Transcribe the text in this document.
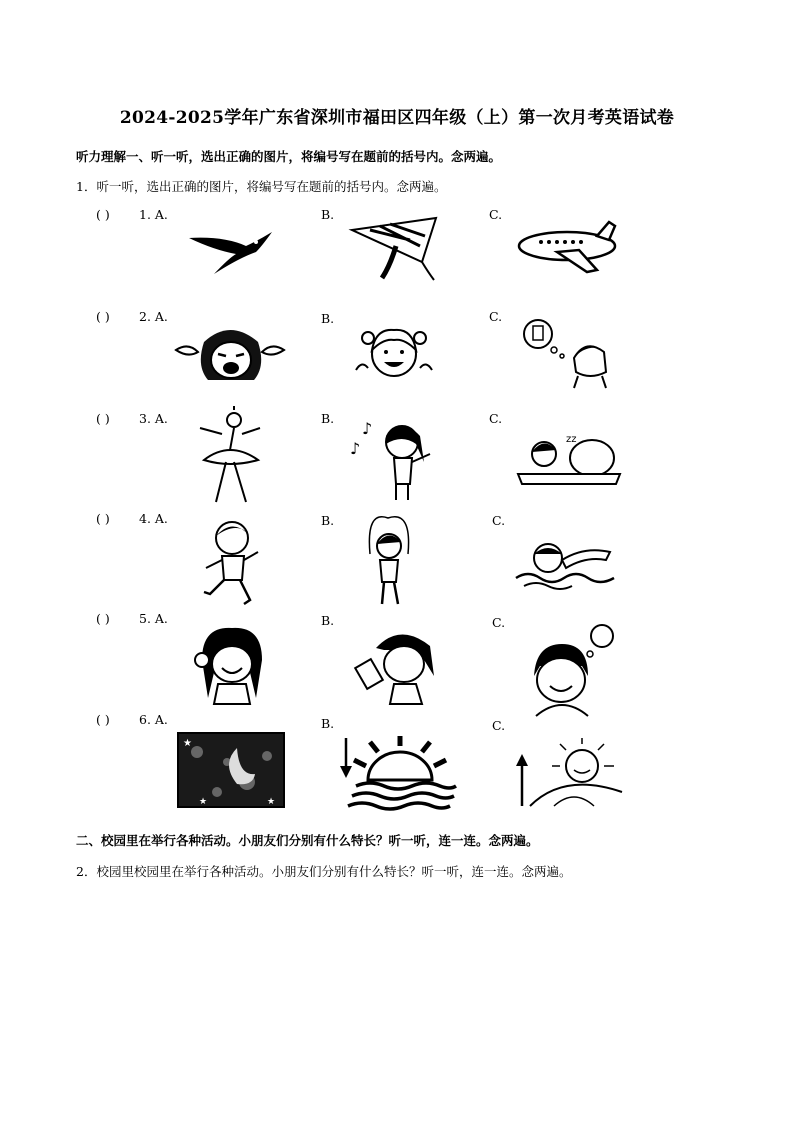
2024-2025学年广东省深圳市福田区四年级（上）第一次月考英语试卷
听力理解一、听一听，选出正确的图片，将编号写在题前的括号内。念两遍。
1．听一听，选出正确的图片，将编号写在题前的括号内。念两遍。
( ) 1. A.	B.	C.
( ) 2. A.	B.	C.
( ) 3. A.	B.	C.
♪
♪
zz
( ) 4. A.	B.	C.
( ) 5. A.	B.	C.
( ) 6. A.	B.	C.
★
★	★
二、校园里在举行各种活动。小朋友们分别有什么特长？听一听，连一连。念两遍。
2．校园里校园里在举行各种活动。小朋友们分别有什么特长？听一听，连一连。念两遍。
